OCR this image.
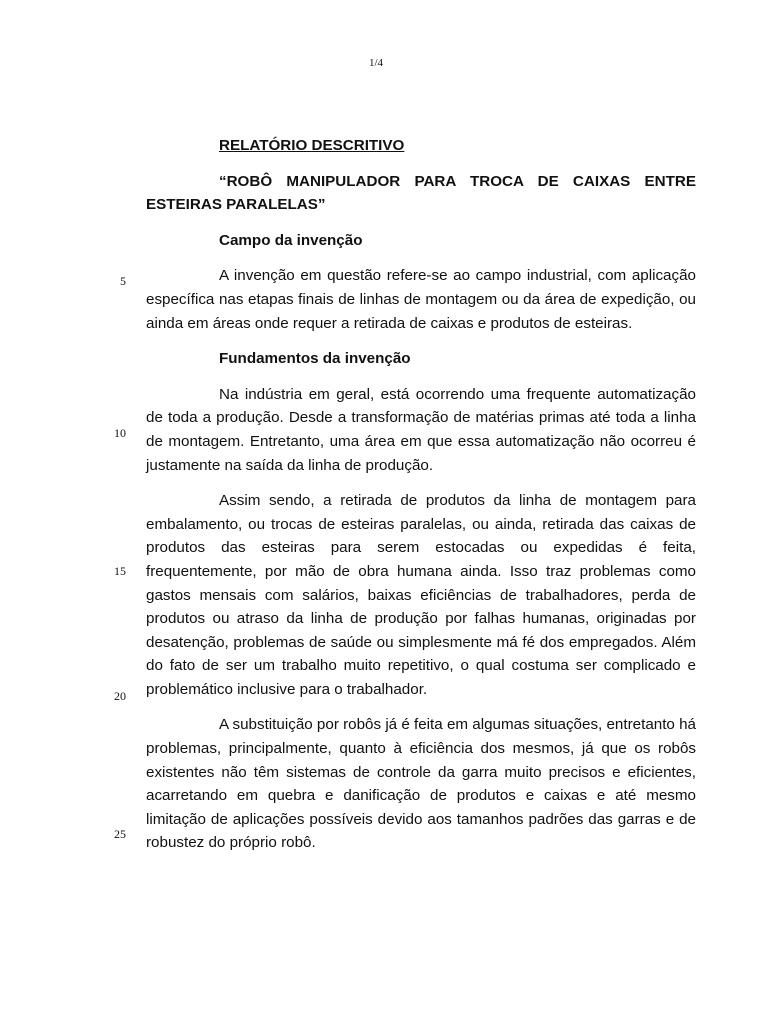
1/4
5
10
15
20
25

RELATÓRIO DESCRITIVO

“ROBÔ MANIPULADOR PARA TROCA DE CAIXAS ENTRE ESTEIRAS PARALELAS”

Campo da invenção

A invenção em questão refere-se ao campo industrial, com aplicação específica nas etapas finais de linhas de montagem ou da área de expedição, ou ainda em áreas onde requer a retirada de caixas e produtos de esteiras.

Fundamentos da invenção

Na indústria em geral, está ocorrendo uma frequente automatização de toda a produção. Desde a transformação de matérias primas até toda a linha de montagem. Entretanto, uma área em que essa automatização não ocorreu é justamente na saída da linha de produção.

Assim sendo, a retirada de produtos da linha de montagem para embalamento, ou trocas de esteiras paralelas, ou ainda, retirada das caixas de produtos das esteiras para serem estocadas ou expedidas é feita, frequentemente, por mão de obra humana ainda. Isso traz problemas como gastos mensais com salários, baixas eficiências de trabalhadores, perda de produtos ou atraso da linha de produção por falhas humanas, originadas por desatenção, problemas de saúde ou simplesmente má fé dos empregados. Além do fato de ser um trabalho muito repetitivo, o qual costuma ser complicado e problemático inclusive para o trabalhador.

A substituição por robôs já é feita em algumas situações, entretanto há problemas, principalmente, quanto à eficiência dos mesmos, já que os robôs existentes não têm sistemas de controle da garra muito precisos e eficientes, acarretando em quebra e danificação de produtos e caixas e até mesmo limitação de aplicações possíveis devido aos tamanhos padrões das garras e de robustez do próprio robô.
